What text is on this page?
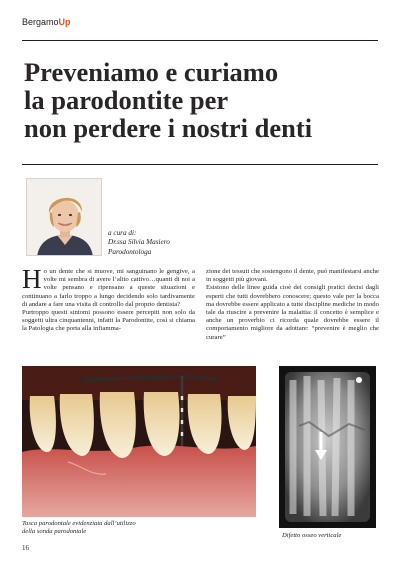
BergamoUp
Preveniamo e curiamo
la parodontite per
non perdere i nostri denti
a cura di:
Dr.ssa Silvia Masiero
Parodontologa

Ho un dente che si muove, mi sanguinano le gengive, a volte mi sembra di avere l’alito cattivo…quanti di noi a volte pensano e ripensano a queste situazioni e continuano a farlo troppo a lungo decidendo solo tardivamente di andare a fare una visita di controllo dal proprio dentista?

Purtroppo questi sintomi possono essere percepiti non solo da soggetti ultra cinquantenni, infatti la Parodontite, così si chiama la Patologia che porta alla infiamma-

zione dei tessuti che sostengono il dente, può manifestarsi anche in soggetti più giovani.

Esistono delle linee guida cioè dei consigli pratici decisi dagli esperti che tutti dovrebbero conoscere; questo vale per la bocca ma dovrebbe essere applicato a tutte discipline mediche in modo tale da riuscire a prevenire la malattia: il concetto è semplice e anche un proverbio ci ricorda quale dovrebbe essere il comportamento migliore da adottare: “prevenire è meglio che curare”

Tasca parodontale evidenziata dall’utilizzo
della sonda parodontale
Difetto osseo verticale
16
